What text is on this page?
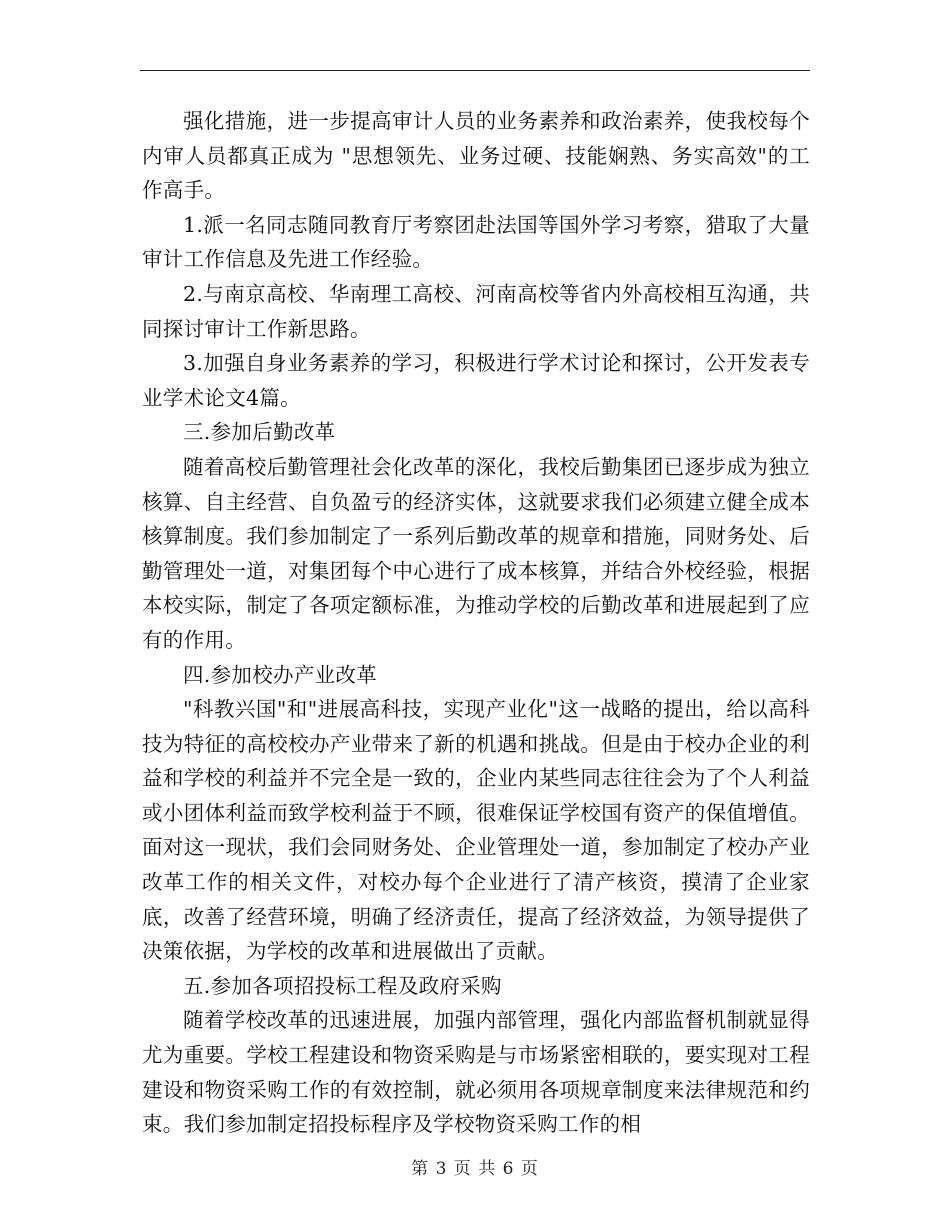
强化措施，进一步提高审计人员的业务素养和政治素养，使我校每个内审人员都真正成为 "思想领先、业务过硬、技能娴熟、务实高效"的工作高手。

1.派一名同志随同教育厅考察团赴法国等国外学习考察，猎取了大量审计工作信息及先进工作经验。

2.与南京高校、华南理工高校、河南高校等省内外高校相互沟通，共同探讨审计工作新思路。

3.加强自身业务素养的学习，积极进行学术讨论和探讨，公开发表专业学术论文4篇。

三.参加后勤改革

随着高校后勤管理社会化改革的深化，我校后勤集团已逐步成为独立核算、自主经营、自负盈亏的经济实体，这就要求我们必须建立健全成本核算制度。我们参加制定了一系列后勤改革的规章和措施，同财务处、后勤管理处一道，对集团每个中心进行了成本核算，并结合外校经验，根据本校实际，制定了各项定额标准，为推动学校的后勤改革和进展起到了应有的作用。

四.参加校办产业改革

"科教兴国"和"进展高科技，实现产业化"这一战略的提出，给以高科技为特征的高校校办产业带来了新的机遇和挑战。但是由于校办企业的利益和学校的利益并不完全是一致的，企业内某些同志往往会为了个人利益或小团体利益而致学校利益于不顾，很难保证学校国有资产的保值增值。面对这一现状，我们会同财务处、企业管理处一道，参加制定了校办产业改革工作的相关文件，对校办每个企业进行了清产核资，摸清了企业家底，改善了经营环境，明确了经济责任，提高了经济效益，为领导提供了决策依据，为学校的改革和进展做出了贡献。

五.参加各项招投标工程及政府采购

随着学校改革的迅速进展，加强内部管理，强化内部监督机制就显得尤为重要。学校工程建设和物资采购是与市场紧密相联的，要实现对工程建设和物资采购工作的有效控制，就必须用各项规章制度来法律规范和约束。我们参加制定招投标程序及学校物资采购工作的相

第 3 页 共 6 页
